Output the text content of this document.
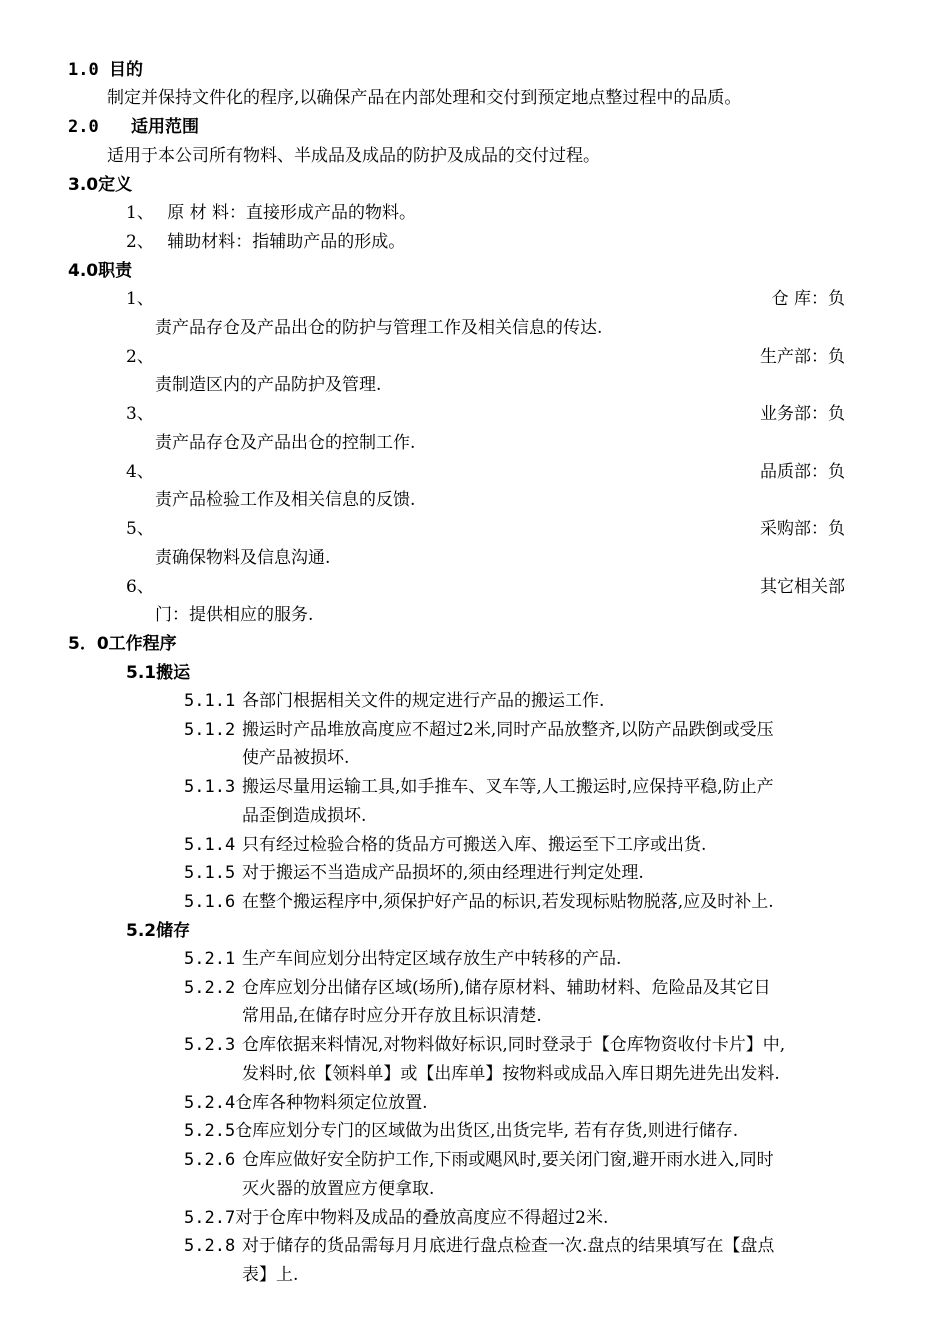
1.0 目的
制定并保持文件化的程序,以确保产品在内部处理和交付到预定地点整过程中的品质。
2.0 适用范围
适用于本公司所有物料、半成品及成品的防护及成品的交付过程。
3.0定义
1、 原 材 料：直接形成产品的物料。
2、 辅助材料：指辅助产品的形成。
4.0职责
1、	仓 库：负
责产品存仓及产品出仓的防护与管理工作及相关信息的传达.
2、	生产部：负
责制造区内的产品防护及管理.
3、	业务部：负
责产品存仓及产品出仓的控制工作.
4、	品质部：负
责产品检验工作及相关信息的反馈.
5、	采购部：负
责确保物料及信息沟通.
6、	其它相关部
门：提供相应的服务.
5．0工作程序
5.1搬运
5.1.1 各部门根据相关文件的规定进行产品的搬运工作.
5.1.2 搬运时产品堆放高度应不超过2米,同时产品放整齐,以防产品跌倒或受压
使产品被损坏.
5.1.3 搬运尽量用运输工具,如手推车、叉车等,人工搬运时,应保持平稳,防止产
品歪倒造成损坏.
5.1.4 只有经过检验合格的货品方可搬送入库、搬运至下工序或出货.
5.1.5 对于搬运不当造成产品损坏的,须由经理进行判定处理.
5.1.6 在整个搬运程序中,须保护好产品的标识,若发现标贴物脱落,应及时补上.
5.2储存
5.2.1 生产车间应划分出特定区域存放生产中转移的产品.
5.2.2 仓库应划分出储存区域(场所),储存原材料、辅助材料、危险品及其它日
常用品,在储存时应分开存放且标识清楚.
5.2.3 仓库依据来料情况,对物料做好标识,同时登录于【仓库物资收付卡片】中,
发料时,依【领料单】或【出库单】按物料或成品入库日期先进先出发料.
5.2.4仓库各种物料须定位放置.
5.2.5仓库应划分专门的区域做为出货区,出货完毕, 若有存货,则进行储存.
5.2.6 仓库应做好安全防护工作,下雨或飓风时,要关闭门窗,避开雨水进入,同时
灭火器的放置应方便拿取.
5.2.7对于仓库中物料及成品的叠放高度应不得超过2米.
5.2.8 对于储存的货品需每月月底进行盘点检查一次.盘点的结果填写在【盘点
表】上.
